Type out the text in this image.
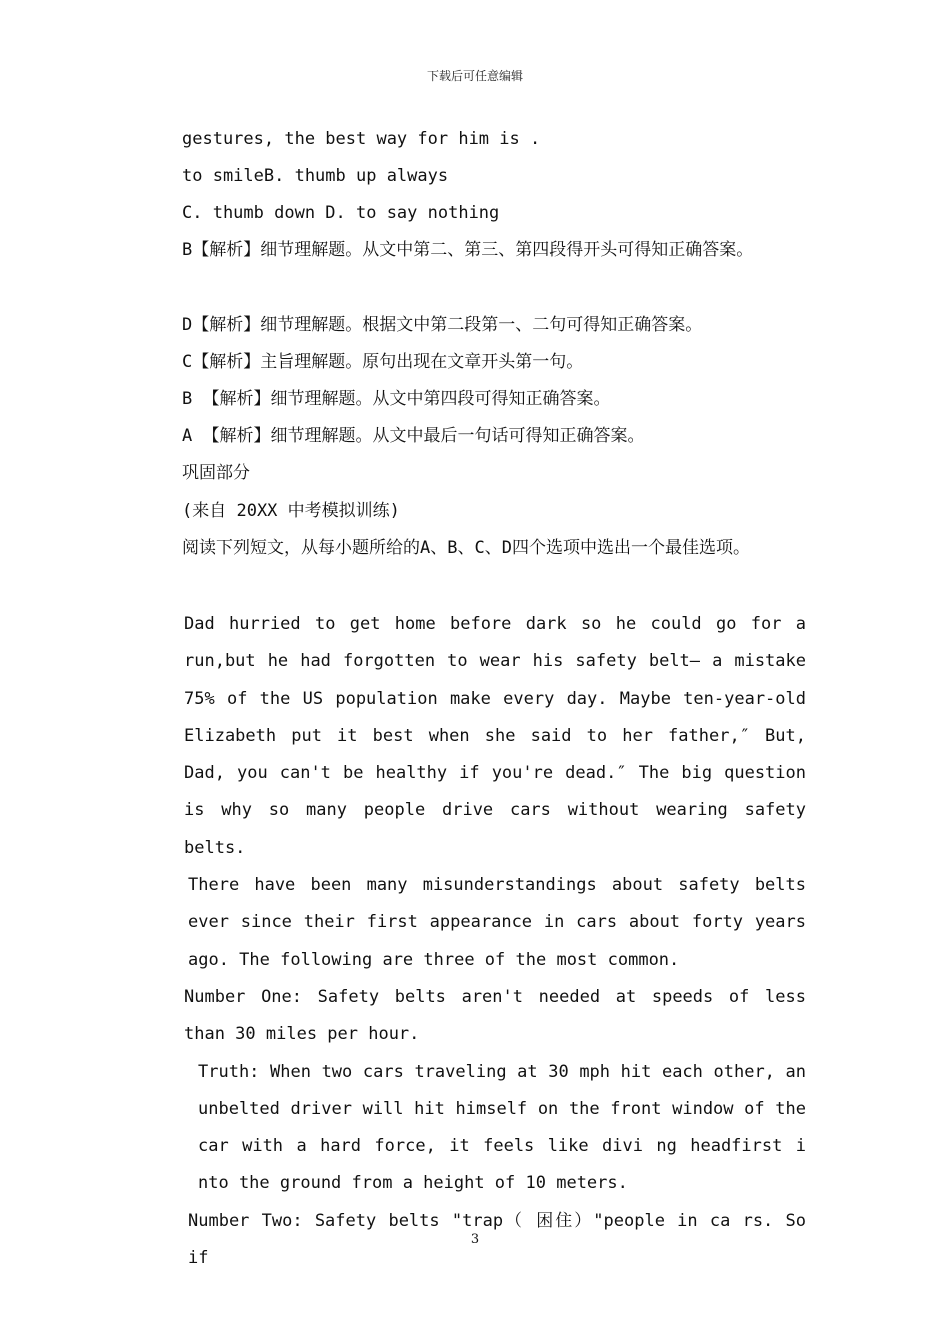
下载后可任意编辑
gestures, the best way for him is .
to smileB. thumb up always
C. thumb down D. to say nothing
B【解析】细节理解题。从文中第二、第三、第四段得开头可得知正确答案。
D【解析】细节理解题。根据文中第二段第一、二句可得知正确答案。
C【解析】主旨理解题。原句出现在文章开头第一句。
B 【解析】细节理解题。从文中第四段可得知正确答案。
A 【解析】细节理解题。从文中最后一句话可得知正确答案。
巩固部分
(来自 20XX 中考模拟训练)
阅读下列短文，从每小题所给的A、B、C、D四个选项中选出一个最佳选项。

Dad hurried to get home before dark so he could go for a run,but he had forgotten to wear his safety belt— a mistake 75% of the US population make every day. Maybe ten-year-old Elizabeth put it best when she said to her father,″ But, Dad, you can't be healthy if you're dead.″ The big question is why so many people drive cars without wearing safety belts.

There have been many misunderstandings about safety belts ever since their first appearance in cars about forty years ago. The following are three of the most common.

Number One: Safety belts aren't needed at speeds of less than 30 miles per hour.

Truth: When two cars traveling at 30 mph hit each other, an unbelted driver will hit himself on the front window of the car with a hard force, it feels like divi ng headfirst i nto the ground from a height of 10 meters.

Number Two: Safety belts "trap（ 困住）"people in ca rs. So if

3
